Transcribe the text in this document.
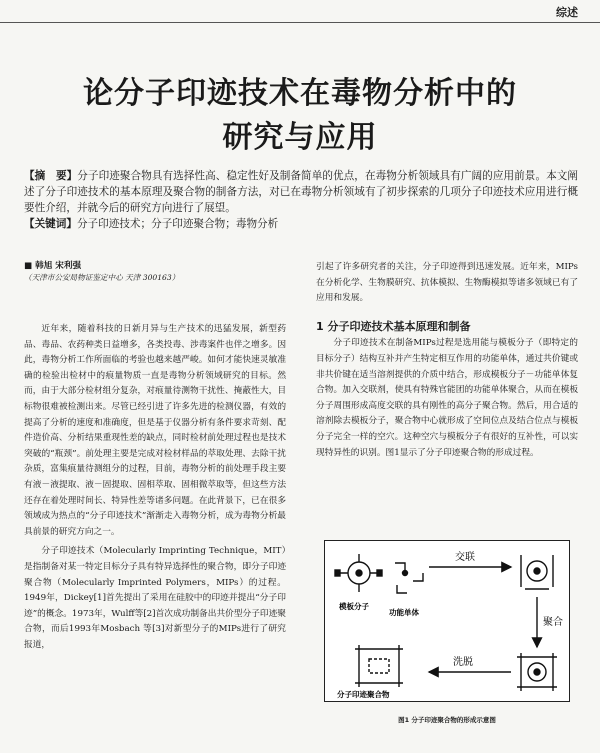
综述
论分子印迹技术在毒物分析中的
研究与应用
【摘　要】分子印迹聚合物具有选择性高、稳定性好及制备简单的优点，在毒物分析领域具有广阔的应用前景。本文阐述了分子印迹技术的基本原理及聚合物的制备方法，对已在毒物分析领域有了初步探索的几项分子印迹技术应用进行概要性介绍，并就今后的研究方向进行了展望。
【关键词】分子印迹技术；分子印迹聚合物；毒物分析
■ 韩旭 宋利强
（天津市公安局物证鉴定中心 天津 300163）

近年来，随着科技的日新月异与生产技术的迅猛发展，新型药品、毒品、农药种类日益增多，各类投毒、涉毒案件也伴之增多。因此，毒物分析工作所面临的考验也越来越严峻。如何才能快速灵敏准确的检验出检材中的痕量物质一直是毒物分析领域研究的目标。然而，由于大部分检材组分复杂，对痕量待测物干扰性、掩蔽性大，目标物很难被检测出来。尽管已经引进了许多先进的检测仪器，有效的提高了分析的速度和准确度，但是基于仪器分析有条件要求苛刻、配件造价高、分析结果重现性差的缺点，同时检材前处理过程也是技术突破的“瓶颈”。前处理主要是完成对检材样品的萃取处理、去除干扰杂质，富集痕量待测组分的过程，目前，毒物分析的前处理手段主要有液－液提取、液－固提取、固相萃取、固相微萃取等，但这些方法还存在着处理时间长、特异性差等诸多问题。在此背景下，已在很多领域成为热点的“分子印迹技术”渐渐走入毒物分析，成为毒物分析最具前景的研究方向之一。

分子印迹技术（Molecularly Imprinting Technique，MIT）是指制备对某一特定目标分子具有特异选择性的聚合物，即分子印迹聚合物（Molecularly Imprinted Polymers，MIPs）的过程。1949年，Dickey[1]首先提出了采用在硅胶中的印迹并提出“分子印迹”的概念。1973年，Wulff等[2]首次成功制备出共价型分子印迹聚合物，而后1993年Mosbach 等[3]对新型分子的MIPs进行了研究报道，

引起了许多研究者的关注，分子印迹得到迅速发展。近年来，MIPs在分析化学、生物膜研究、抗体模拟、生物酶模拟等诸多领域已有了应用和发展。

1 分子印迹技术基本原理和制备

分子印迹技术在制备MIPs过程是选用能与模板分子（即特定的目标分子）结构互补并产生特定相互作用的功能单体，通过共价键或非共价键在适当溶剂提供的介质中结合，形成模板分子－功能单体复合物。加入交联剂，使具有特殊官能团的功能单体聚合，从而在模板分子周围形成高度交联的具有刚性的高分子聚合物。然后，用合适的溶剂除去模板分子，聚合物中心就形成了空间位点及结合位点与模板分子完全一样的空穴。这种空穴与模板分子有很好的互补性，可以实现特异性的识别。图1显示了分子印迹聚合物的形成过程。

交联
模板分子
功能单体
聚合
洗脱
分子印迹聚合物
图1 分子印迹聚合物的形成示意图
